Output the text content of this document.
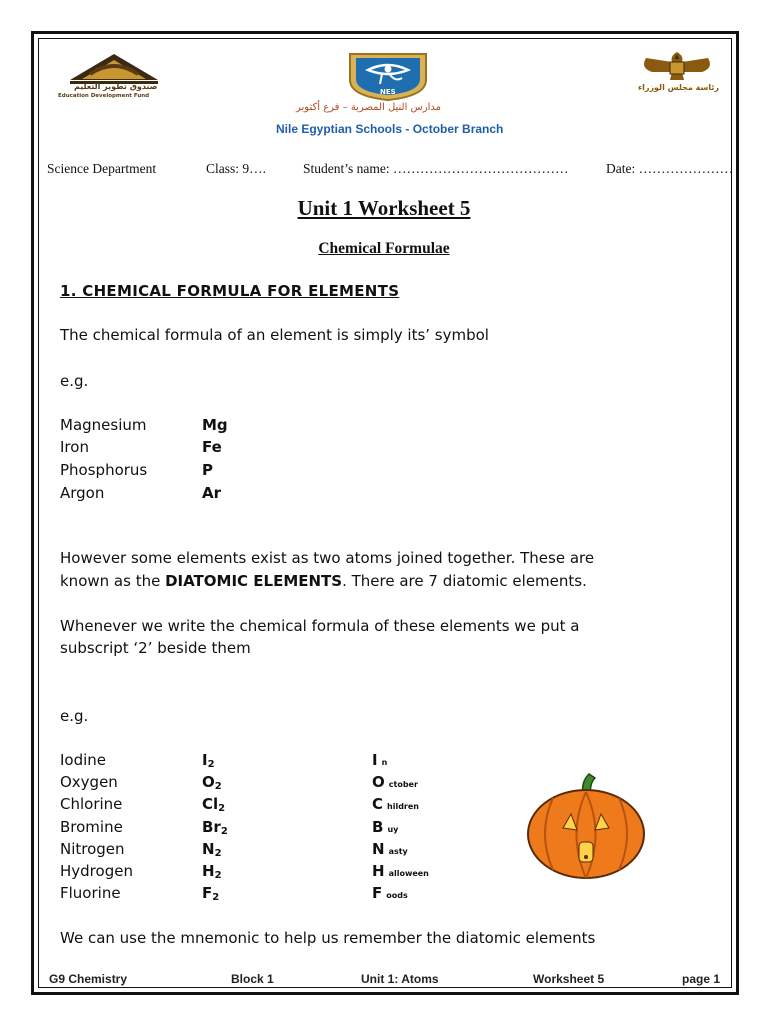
صندوق تطوير التعليم
Education Development Fund	NES	رئاسة مجلس الوزراء
مدارس النيل المصرية – فرع أكتوبر
Nile Egyptian Schools - October Branch
Science Department	Class: 9….	Student’s name: …………………………………	Date: …………………
Unit 1 Worksheet 5
Chemical Formulae
1. CHEMICAL FORMULA FOR ELEMENTS
The chemical formula of an element is simply its’ symbol
e.g.
Magnesium	Mg
Iron	Fe
Phosphorus	P
Argon	Ar
However some elements exist as two atoms joined together. These are
known as the DIATOMIC ELEMENTS. There are 7 diatomic elements.
Whenever we write the chemical formula of these elements we put a
subscript ‘2’ beside them
e.g.
Iodine	$I_2$	In
Oxygen	$O_2$	October
Chlorine	$Cl_2$	Children
Bromine	$Br_2$	Buy
Nitrogen	$N_2$	Nasty
Hydrogen	$H_2$	Halloween
Fluorine	$F_2$	Foods
We can use the mnemonic to help us remember the diatomic elements
G9 Chemistry	Block 1	Unit 1: Atoms	Worksheet 5	page 1
